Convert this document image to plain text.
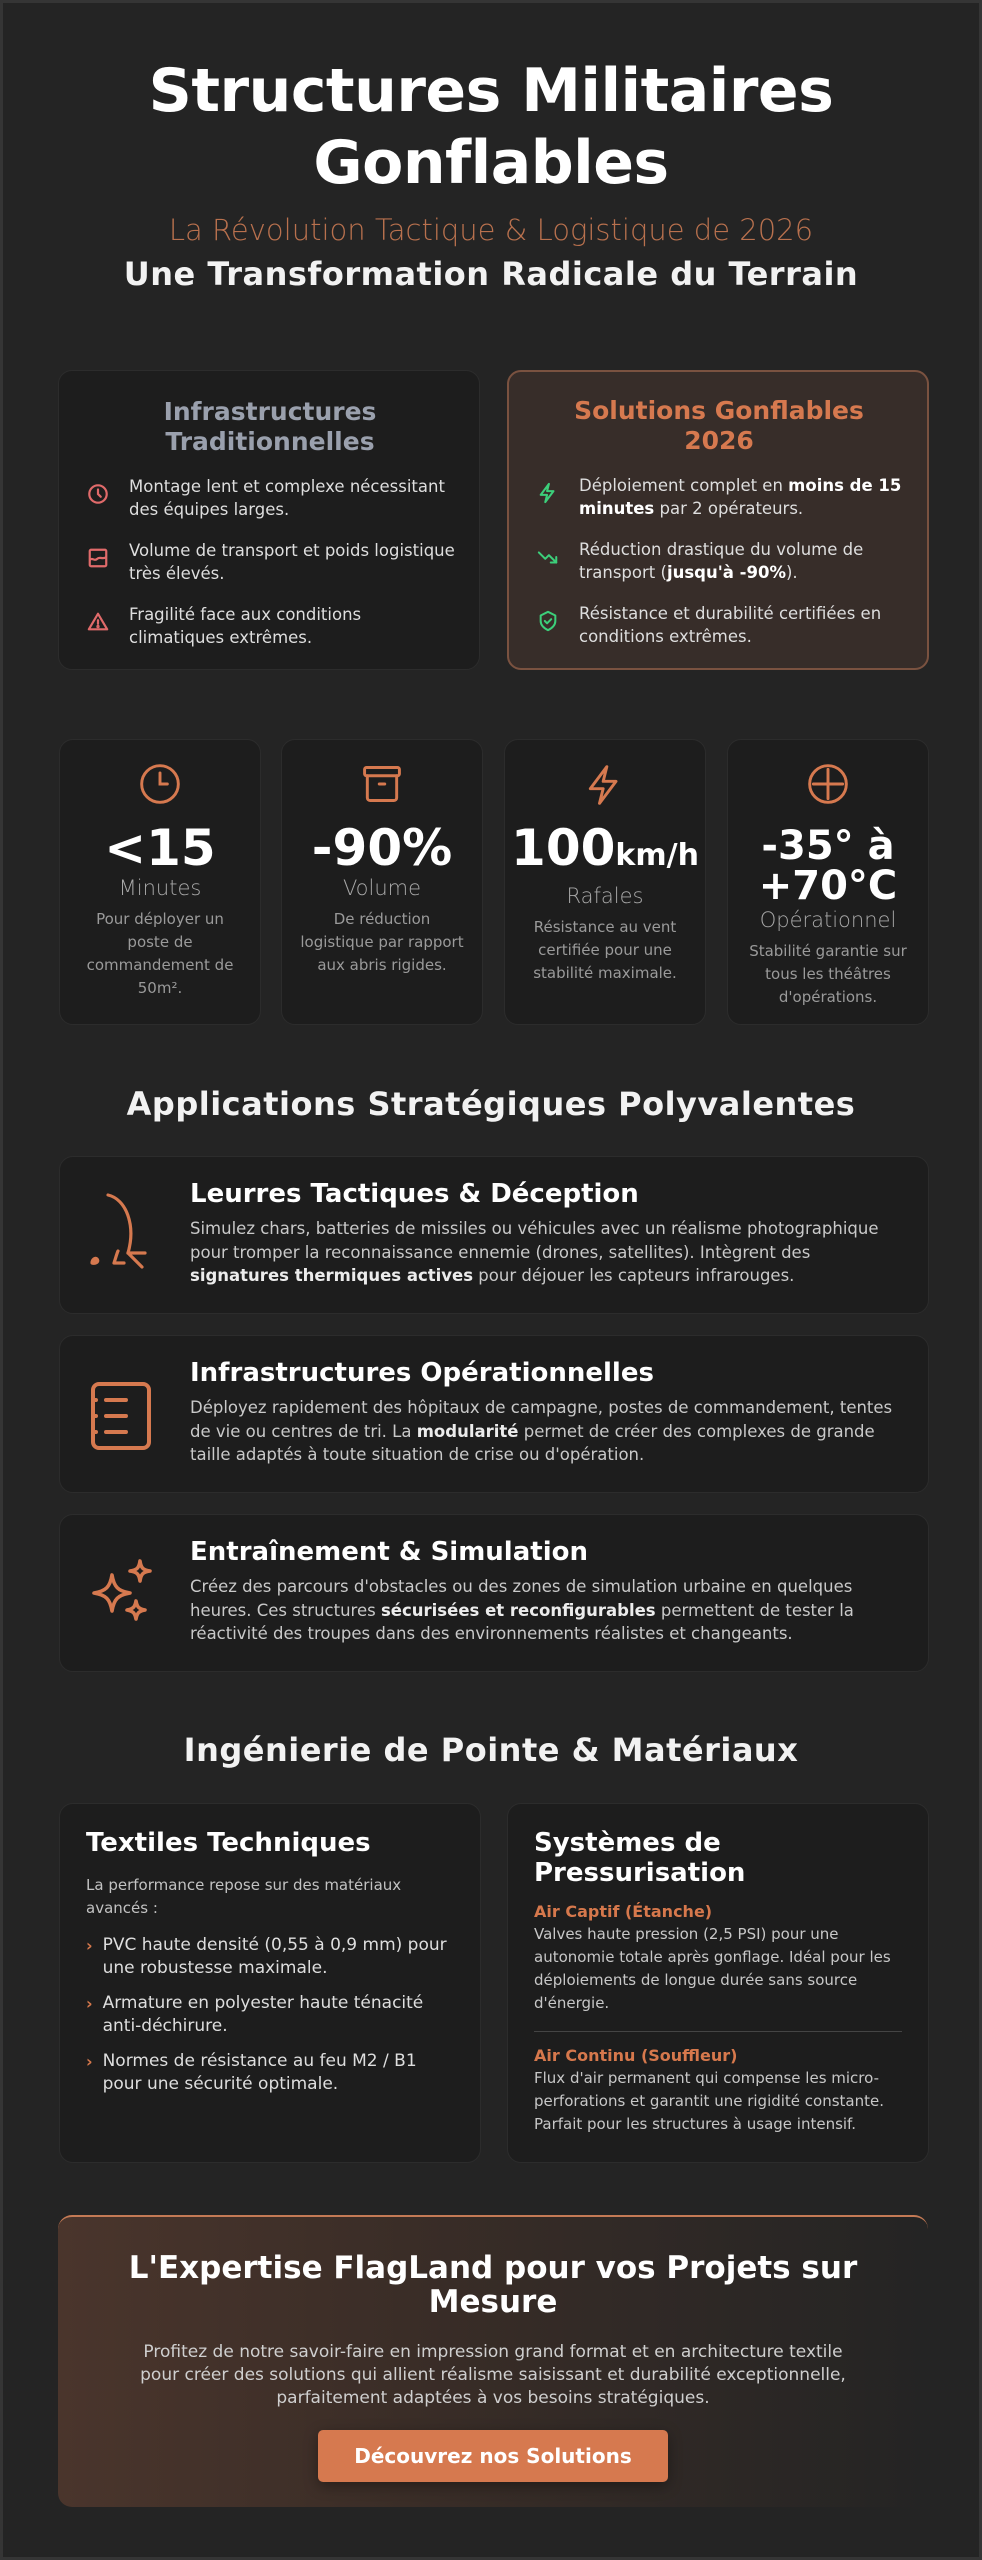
Structures Militaires Gonflables
La Révolution Tactique & Logistique de 2026
Une Transformation Radicale du Terrain
Infrastructures Traditionnelles
Montage lent et complexe nécessitant des équipes larges.
Volume de transport et poids logistique très élevés.
Fragilité face aux conditions climatiques extrêmes.
Solutions Gonflables 2026
Déploiement complet en moins de 15 minutes par 2 opérateurs.
Réduction drastique du volume de transport (jusqu'à -90%).
Résistance et durabilité certifiées en conditions extrêmes.
<15
Minutes
Pour déployer un poste de commandement de 50m².
-90%
Volume
De réduction logistique par rapport aux abris rigides.
100km/h
Rafales
Résistance au vent certifiée pour une stabilité maximale.
-35° à +70°C
Opérationnel
Stabilité garantie sur tous les théâtres d'opérations.
Applications Stratégiques Polyvalentes
Leurres Tactiques & Déception

Simulez chars, batteries de missiles ou véhicules avec un réalisme photographique pour tromper la reconnaissance ennemie (drones, satellites). Intègrent des signatures thermiques actives pour déjouer les capteurs infrarouges.

Infrastructures Opérationnelles

Déployez rapidement des hôpitaux de campagne, postes de commandement, tentes de vie ou centres de tri. La modularité permet de créer des complexes de grande taille adaptés à toute situation de crise ou d'opération.

Entraînement & Simulation

Créez des parcours d'obstacles ou des zones de simulation urbaine en quelques heures. Ces structures sécurisées et reconfigurables permettent de tester la réactivité des troupes dans des environnements réalistes et changeants.

Ingénierie de Pointe & Matériaux
Textiles Techniques
La performance repose sur des matériaux avancés :
› PVC haute densité (0,55 à 0,9 mm) pour une robustesse maximale.
› Armature en polyester haute ténacité anti-déchirure.
› Normes de résistance au feu M2 / B1 pour une sécurité optimale.
Systèmes de Pressurisation
Air Captif (Étanche)
Valves haute pression (2,5 PSI) pour une autonomie totale après gonflage. Idéal pour les déploiements de longue durée sans source d'énergie.
Air Continu (Souffleur)
Flux d'air permanent qui compense les micro-perforations et garantit une rigidité constante. Parfait pour les structures à usage intensif.
L'Expertise FlagLand pour vos Projets sur Mesure

Profitez de notre savoir-faire en impression grand format et en architecture textile pour créer des solutions qui allient réalisme saisissant et durabilité exceptionnelle, parfaitement adaptées à vos besoins stratégiques.

Découvrez nos Solutions
